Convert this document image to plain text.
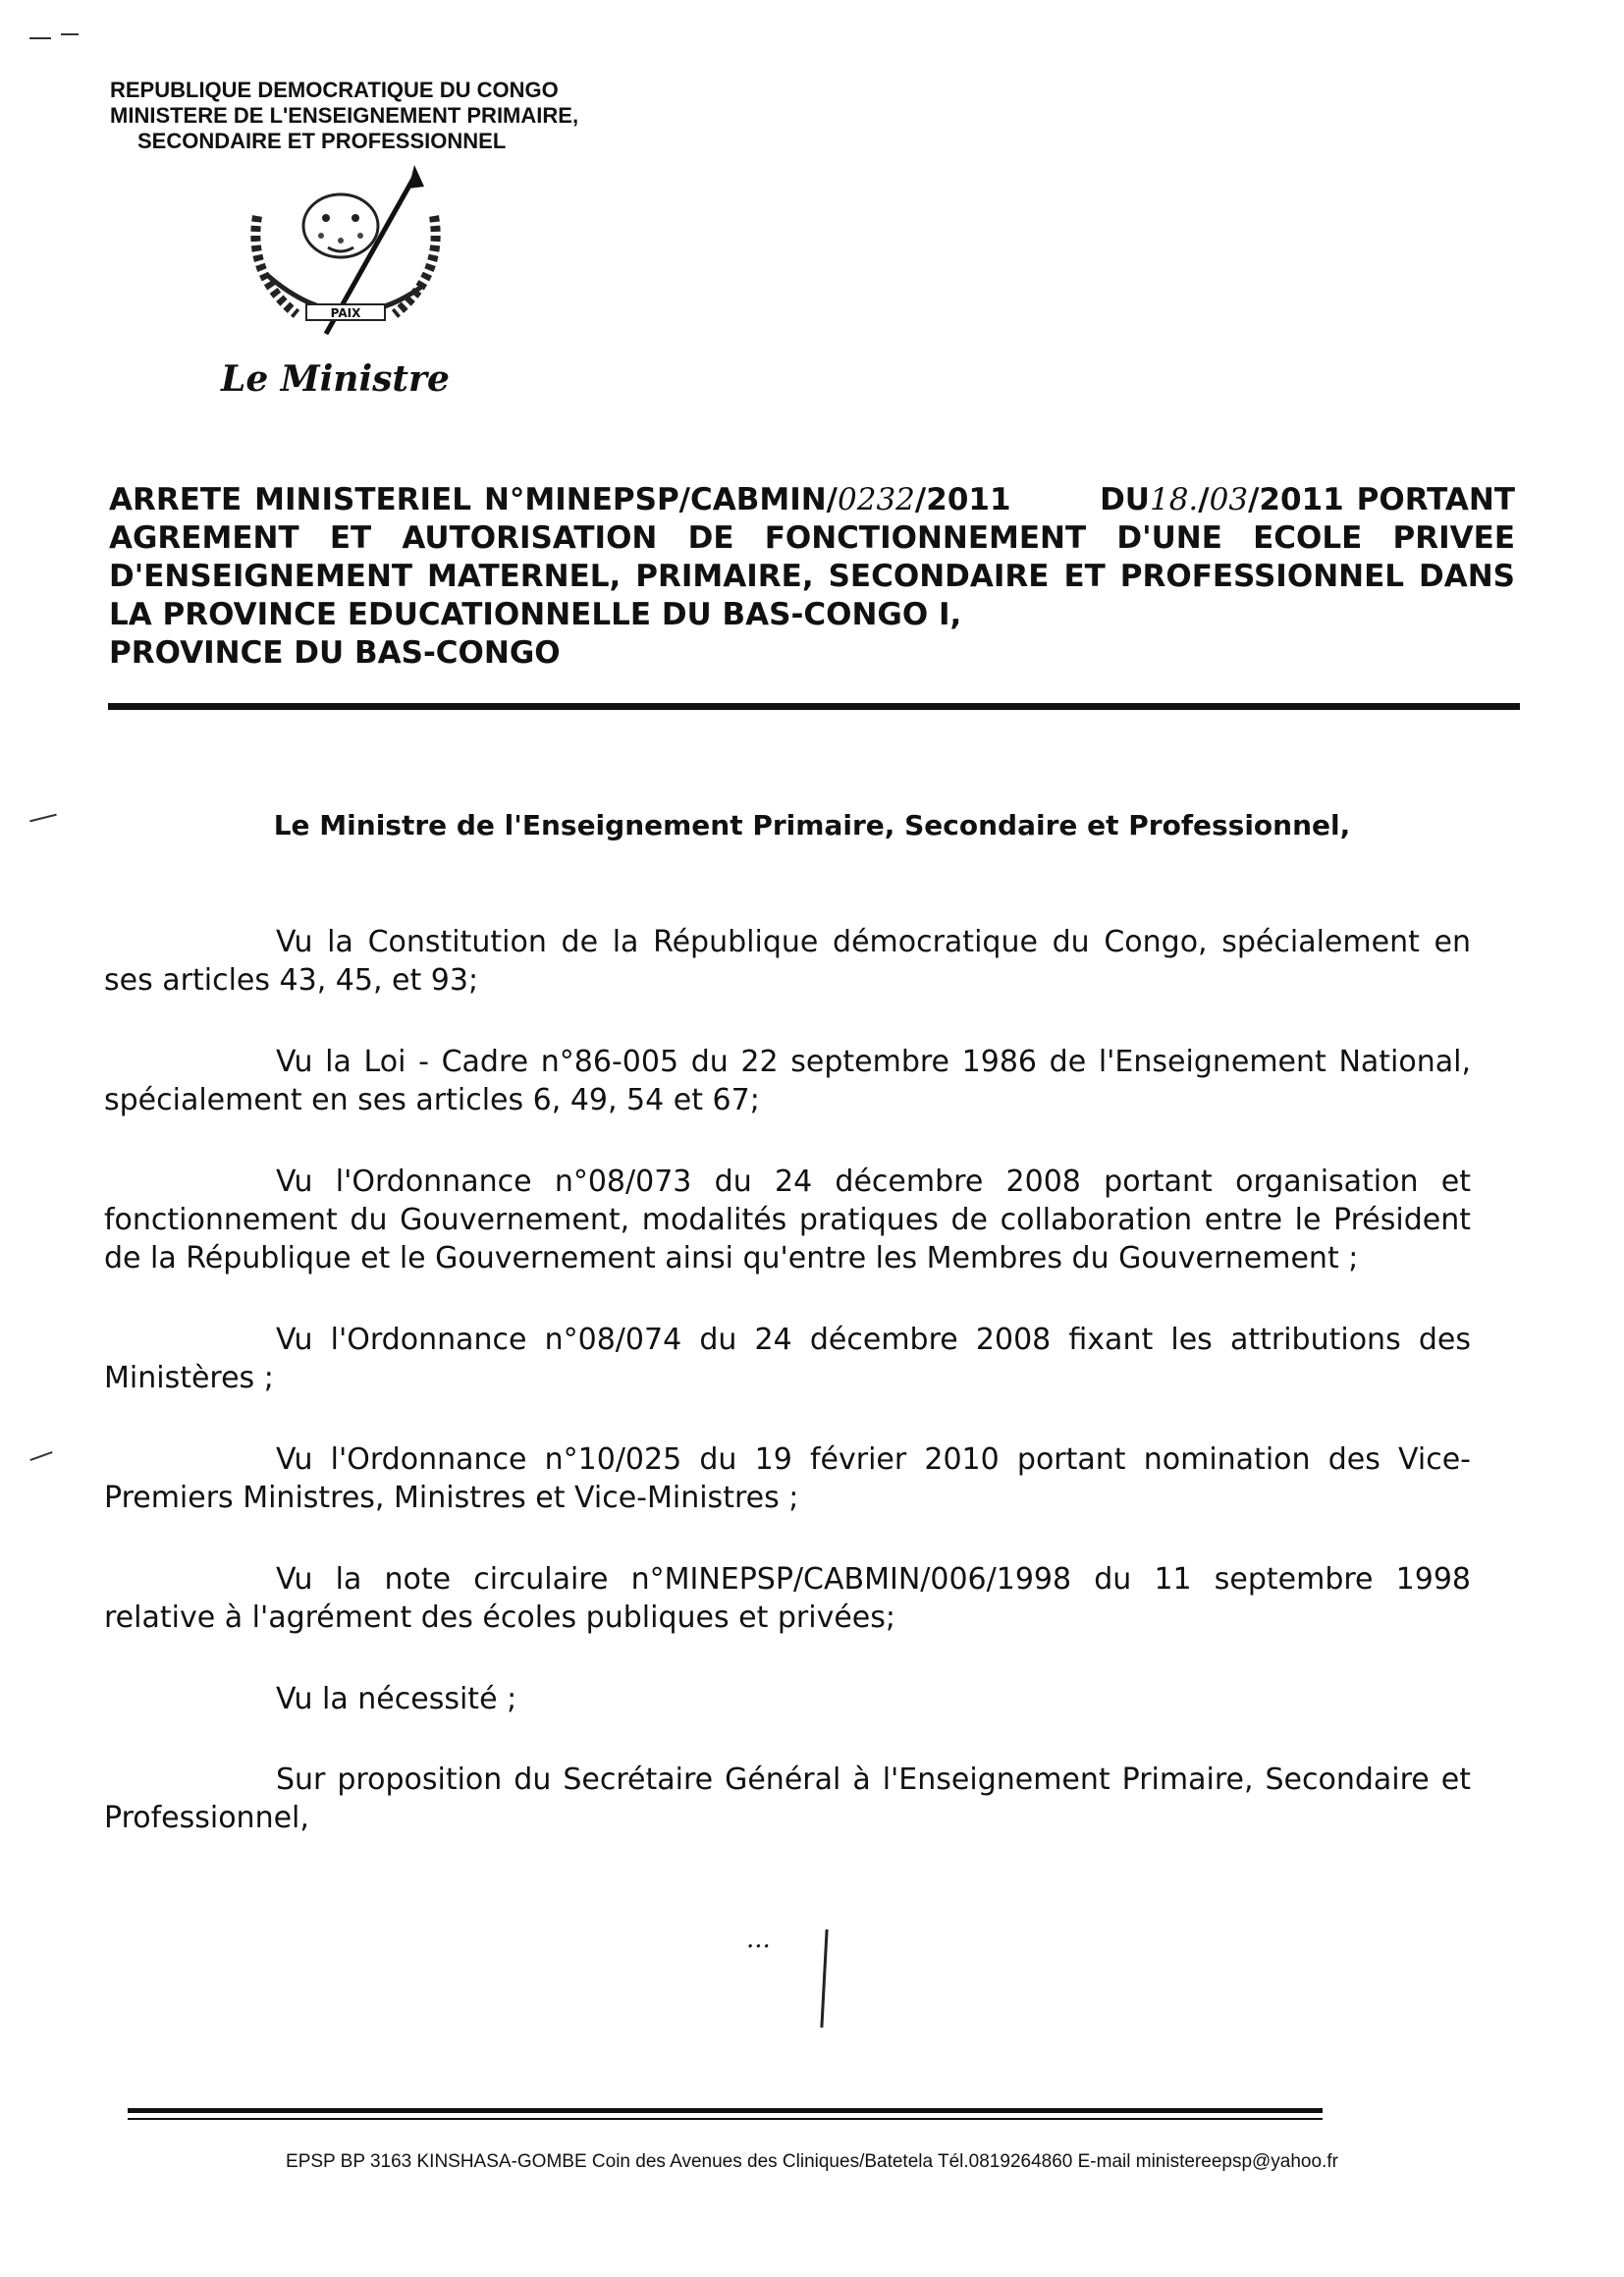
REPUBLIQUE DEMOCRATIQUE DU CONGO
MINISTERE DE L'ENSEIGNEMENT PRIMAIRE,
SECONDAIRE ET PROFESSIONNEL
PAIX
Le Ministre
ARRETE MINISTERIEL N°MINEPSP/CABMIN/0232/2011	DU18./03/2011 PORTANT AGREMENT ET AUTORISATION DE FONCTIONNEMENT D'UNE ECOLE PRIVEE D'ENSEIGNEMENT MATERNEL, PRIMAIRE, SECONDAIRE ET PROFESSIONNEL DANS LA PROVINCE EDUCATIONNELLE DU BAS-CONGO I,
PROVINCE DU BAS-CONGO
Le Ministre de l'Enseignement Primaire, Secondaire et Professionnel,
Vu la Constitution de la République démocratique du Congo, spécialement en ses articles 43, 45, et 93;
Vu la Loi - Cadre n°86-005 du 22 septembre 1986 de l'Enseignement National, spécialement en ses articles 6, 49, 54 et 67;
Vu l'Ordonnance n°08/073 du 24 décembre 2008 portant organisation et fonctionnement du Gouvernement, modalités pratiques de collaboration entre le Président de la République et le Gouvernement ainsi qu'entre les Membres du Gouvernement ;
Vu l'Ordonnance n°08/074 du 24 décembre 2008 fixant les attributions des Ministères ;
Vu l'Ordonnance n°10/025 du 19 février 2010 portant nomination des Vice-Premiers Ministres, Ministres et Vice-Ministres ;
Vu la note circulaire n°MINEPSP/CABMIN/006/1998 du 11 septembre 1998 relative à l'agrément des écoles publiques et privées;
Vu la nécessité ;
Sur proposition du Secrétaire Général à l'Enseignement Primaire, Secondaire et Professionnel,
...
EPSP BP 3163 KINSHASA-GOMBE Coin des Avenues des Cliniques/Batetela Tél.0819264860 E-mail ministereepsp@yahoo.fr
